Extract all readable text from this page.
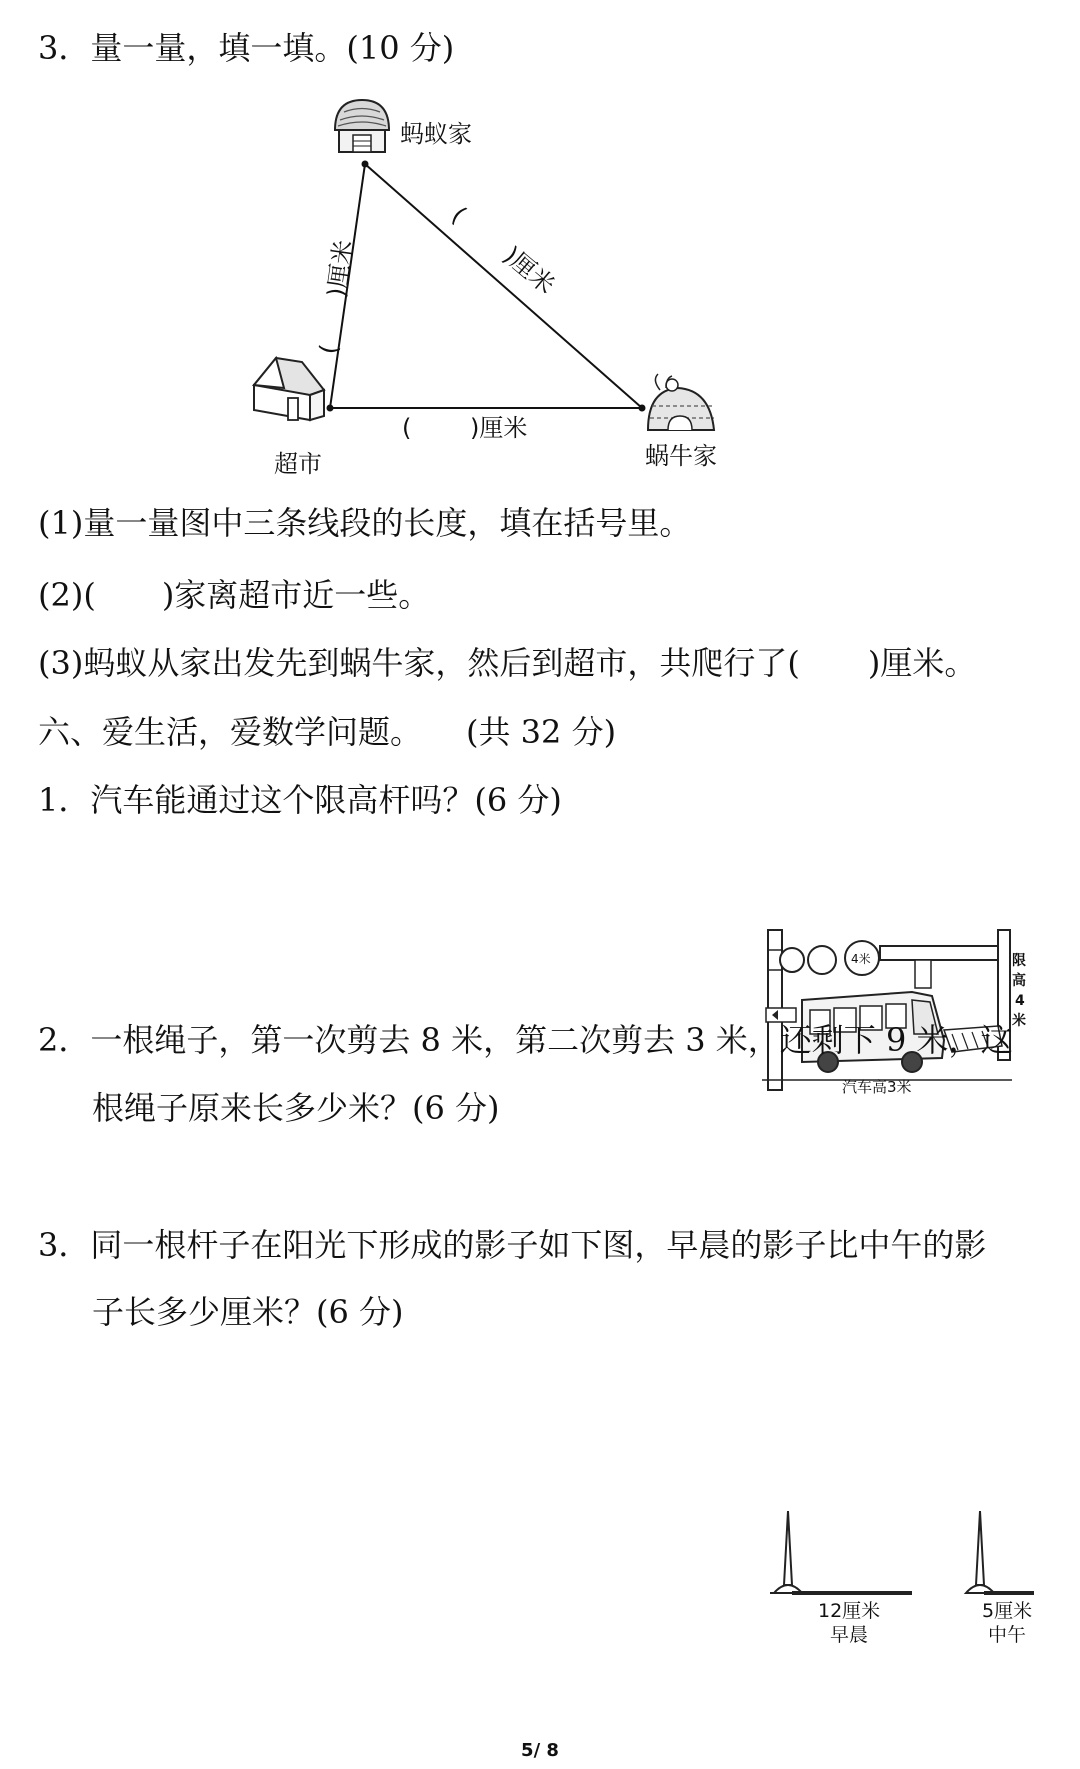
3．量一量，填一填。(10 分)
蚂蚁家
超市	蜗牛家
(　　)厘米
(
)厘米
( )厘米
(1)量一量图中三条线段的长度，填在括号里。
(2)( )家离超市近一些。
(3)蚂蚁从家出发先到蜗牛家，然后到超市，共爬行了( )厘米。
六、爱生活，爱数学问题。 (共 32 分)
1．汽车能通过这个限高杆吗？(6 分)
4米	限
高
4
米
汽车高3米
2．一根绳子，第一次剪去 8 米，第二次剪去 3 米，还剩下 9 米，这
根绳子原来长多少米？(6 分)
3．同一根杆子在阳光下形成的影子如下图，早晨的影子比中午的影
子长多少厘米？(6 分)
12厘米
早晨
5厘米
中午
5/ 8
